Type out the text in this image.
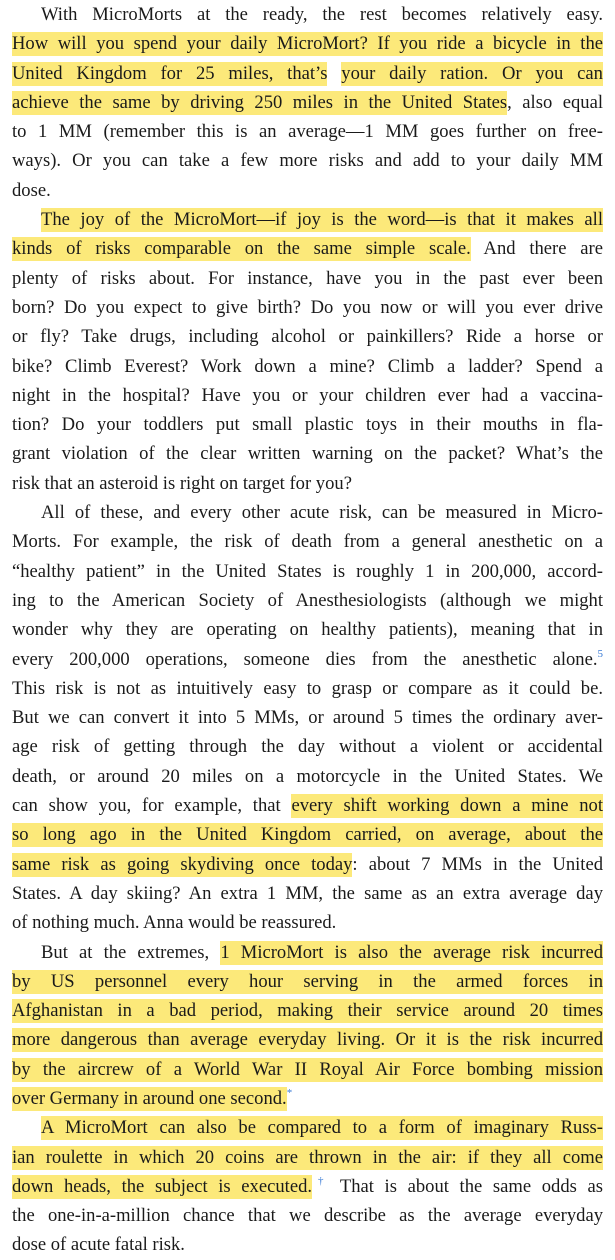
With MicroMorts at the ready, the rest becomes relatively easy.
How will you spend your daily MicroMort? If you ride a bicycle in the
United Kingdom for 25 miles, that’s your daily ration. Or you can
achieve the same by driving 250 miles in the United States, also equal
to 1 MM (remember this is an average—1 MM goes further on free-
ways). Or you can take a few more risks and add to your daily MM
dose.
The joy of the MicroMort—if joy is the word—is that it makes all
kinds of risks comparable on the same simple scale. And there are
plenty of risks about. For instance, have you in the past ever been
born? Do you expect to give birth? Do you now or will you ever drive
or fly? Take drugs, including alcohol or painkillers? Ride a horse or
bike? Climb Everest? Work down a mine? Climb a ladder? Spend a
night in the hospital? Have you or your children ever had a vaccina-
tion? Do your toddlers put small plastic toys in their mouths in fla-
grant violation of the clear written warning on the packet? What’s the
risk that an asteroid is right on target for you?
All of these, and every other acute risk, can be measured in Micro-
Morts. For example, the risk of death from a general anesthetic on a
“healthy patient” in the United States is roughly 1 in 200,000, accord-
ing to the American Society of Anesthesiologists (although we might
wonder why they are operating on healthy patients), meaning that in
every 200,000 operations, someone dies from the anesthetic alone.$^5$
This risk is not as intuitively easy to grasp or compare as it could be.
But we can convert it into 5 MMs, or around 5 times the ordinary aver-
age risk of getting through the day without a violent or accidental
death, or around 20 miles on a motorcycle in the United States. We
can show you, for example, that every shift working down a mine not
so long ago in the United Kingdom carried, on average, about the
same risk as going skydiving once today: about 7 MMs in the United
States. A day skiing? An extra 1 MM, the same as an extra average day
of nothing much. Anna would be reassured.
But at the extremes, 1 MicroMort is also the average risk incurred
by US personnel every hour serving in the armed forces in
Afghanistan in a bad period, making their service around 20 times
more dangerous than average everyday living. Or it is the risk incurred
by the aircrew of a World War II Royal Air Force bombing mission
over Germany in around one second.*
A MicroMort can also be compared to a form of imaginary Russ-
ian roulette in which 20 coins are thrown in the air: if they all come
down heads, the subject is executed.† That is about the same odds as
the one-in-a-million chance that we describe as the average everyday
dose of acute fatal risk.
